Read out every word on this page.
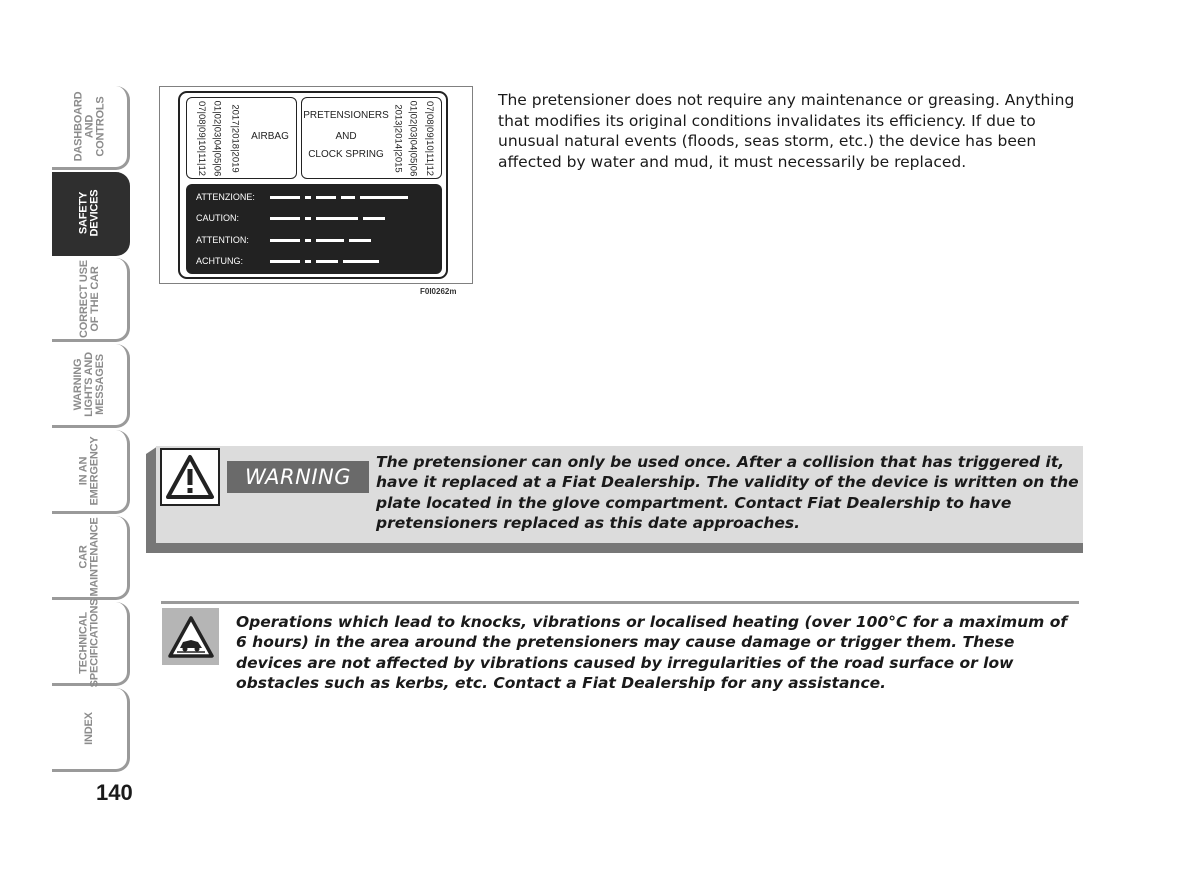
DASHBOARD
AND
CONTROLS
SAFETY
DEVICES
CORRECT USE
OF THE CAR
WARNING
LIGHTS AND
MESSAGES
IN AN
EMERGENCY
CAR
MAINTENANCE
TECHNICAL
SPECIFICATIONS
INDEX
140
07|08|09|10|11|12 01|02|03|04|05|06 2017|2018|2019	AIRBAG
PRETENSIONERS
AND
CLOCK SPRING 2013|2014|2015 01|02|03|04|05|06 07|08|09|10|11|12
ATTENZIONE:
CAUTION:
ATTENTION:
ACHTUNG:
F0I0262m

The pretensioner does not require any maintenance or greasing. Anything that modifies its original conditions invalidates its efficiency. If due to unusual natural events (floods, seas storm, etc.) the device has been affected by water and mud, it must necessarily be replaced.

WARNING

The pretensioner can only be used once. After a collision that has triggered it, have it replaced at a Fiat Dealership. The validity of the device is written on the plate located in the glove compartment. Contact Fiat Dealership to have pretensioners replaced as this date approaches.

Operations which lead to knocks, vibrations or localised heating (over 100°C for a maximum of 6 hours) in the area around the pretensioners may cause damage or trigger them. These devices are not affected by vibrations caused by irregularities of the road surface or low obstacles such as kerbs, etc. Contact a Fiat Dealership for any assistance.
